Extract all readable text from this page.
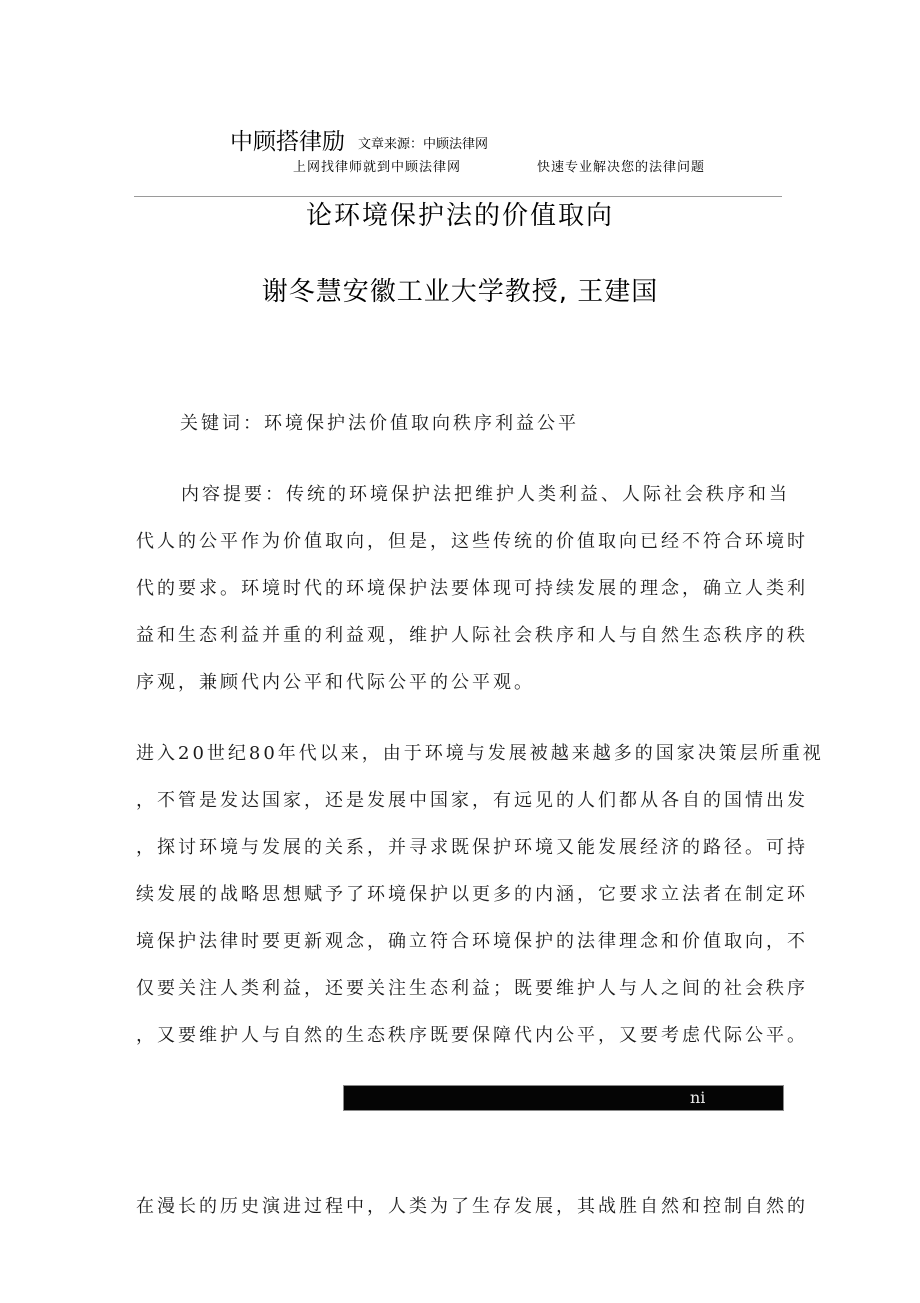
中顾搭律励 文章来源：中顾法律网
上网找律师就到中顾法律网	快速专业解决您的法律问题
论环境保护法的价值取向
谢冬慧安徽工业大学教授, 王建国
关键词：环境保护法价值取向秩序利益公平
内容提要：传统的环境保护法把维护人类利益、人际社会秩序和当
代人的公平作为价值取向，但是，这些传统的价值取向已经不符合环境时
代的要求。环境时代的环境保护法要体现可持续发展的理念，确立人类利
益和生态利益并重的利益观，维护人际社会秩序和人与自然生态秩序的秩
序观，兼顾代内公平和代际公平的公平观。
进入20世纪80年代以来，由于环境与发展被越来越多的国家决策层所重视
，不管是发达国家，还是发展中国家，有远见的人们都从各自的国情出发
，探讨环境与发展的关系，并寻求既保护环境又能发展经济的路径。可持
续发展的战略思想赋予了环境保护以更多的内涵，它要求立法者在制定环
境保护法律时要更新观念，确立符合环境保护的法律理念和价值取向，不
仅要关注人类利益，还要关注生态利益；既要维护人与人之间的社会秩序
，又要维护人与自然的生态秩序既要保障代内公平，又要考虑代际公平。
ni
在漫长的历史演进过程中，人类为了生存发展，其战胜自然和控制自然的
